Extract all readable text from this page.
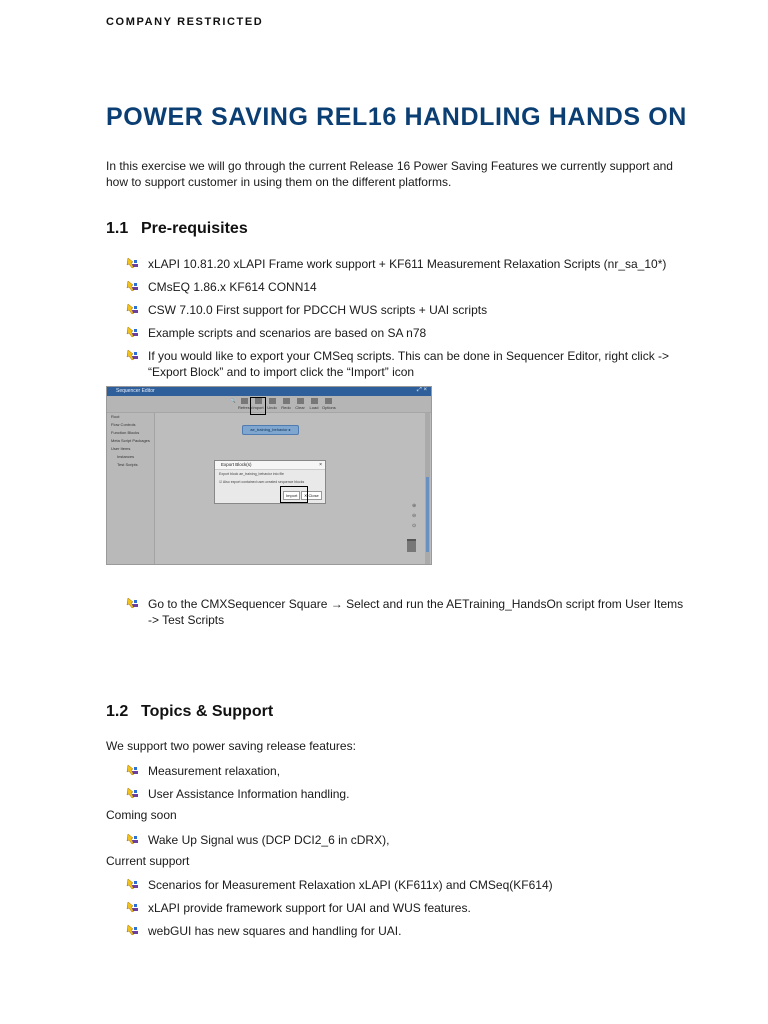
COMPANY RESTRICTED
POWER SAVING REL16 HANDLING HANDS ON

In this exercise we will go through the current Release 16 Power Saving Features we currently support and how to support customer in using them on the different platforms.

1.1 Pre-requisites
xLAPI 10.81.20 xLAPI Frame work support + KF611 Measurement Relaxation Scripts (nr_sa_10*)
CMsEQ 1.86.x KF614 CONN14
CSW 7.10.0 First support for PDCCH WUS scripts + UAI scripts
Example scripts and scenarios are based on SA n78
If you would like to export your CMSeq scripts. This can be done in Sequencer Editor, right click -> “Export Block” and to import click the “Import” icon
Sequencer Editor	⤢ ×
🔍
Refresh Import Undo	Redo	Clear	Load Options
Root
Flow Controls
Function Blocks
Meta Script Packages
User Items
Instances
Test Scripts
ae_training_behavior ▸
Export Block(s)	×
Export block ae_training_behavior into file
☑ Also export contained user-created sequence blocks
Import	✕ Close
⊕
⊖
⊙
Go to the CMXSequencer Square → Select and run the AETraining_HandsOn script from User Items -> Test Scripts
1.2 Topics & Support

We support two power saving release features:

Measurement relaxation,
User Assistance Information handling.

Coming soon

Wake Up Signal wus (DCP DCI2_6 in cDRX),

Current support

Scenarios for Measurement Relaxation xLAPI (KF611x) and CMSeq(KF614)
xLAPI provide framework support for UAI and WUS features.
webGUI has new squares and handling for UAI.
